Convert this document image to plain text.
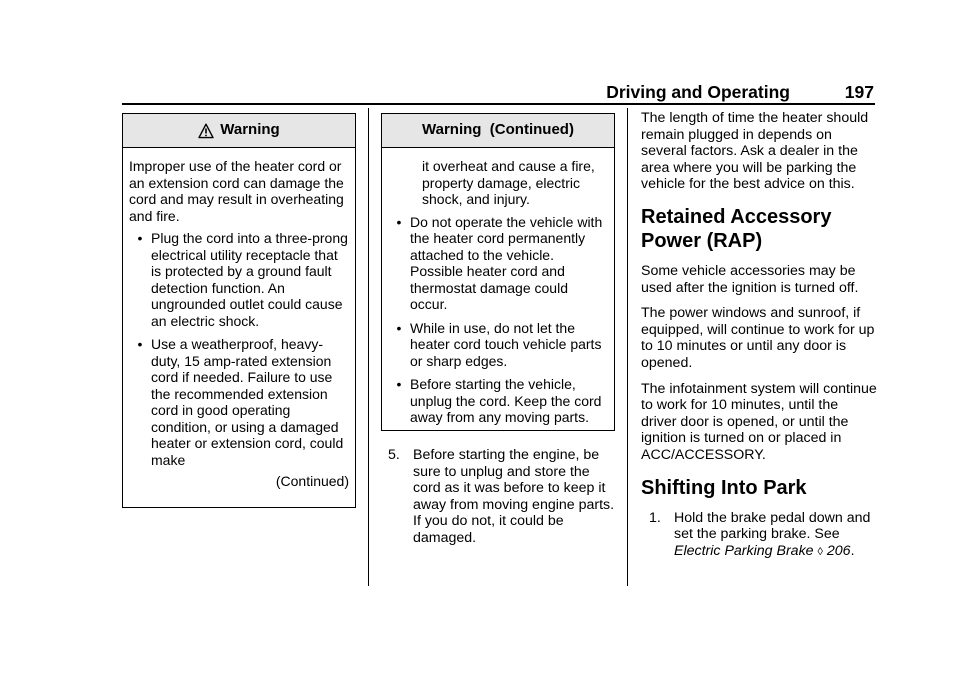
Driving and Operating	197
Warning

Improper use of the heater cord or an extension cord can damage the cord and may result in overheating and fire.

• Plug the cord into a three-prong electrical utility receptacle that is protected by a ground fault detection function. An ungrounded outlet could cause an electric shock.
• Use a weatherproof, heavy-duty, 15 amp-rated extension cord if needed. Failure to use the recommended extension cord in good operating condition, or using a damaged heater or extension cord, could make
(Continued)
Warning  (Continued)

it overheat and cause a fire, property damage, electric shock, and injury.

• Do not operate the vehicle with the heater cord permanently attached to the vehicle. Possible heater cord and thermostat damage could occur.
• While in use, do not let the heater cord touch vehicle parts or sharp edges.
• Before starting the vehicle, unplug the cord. Keep the cord away from any moving parts.
5. Before starting the engine, be sure to unplug and store the cord as it was before to keep it away from moving engine parts. If you do not, it could be damaged.

The length of time the heater should remain plugged in depends on several factors. Ask a dealer in the area where you will be parking the vehicle for the best advice on this.

Retained Accessory Power (RAP)

Some vehicle accessories may be used after the ignition is turned off.

The power windows and sunroof, if equipped, will continue to work for up to 10 minutes or until any door is opened.

The infotainment system will continue to work for 10 minutes, until the driver door is opened, or until the ignition is turned on or placed in ACC/ACCESSORY.

Shifting Into Park
1. Hold the brake pedal down and set the parking brake. See Electric Parking Brake ◊ 206.
